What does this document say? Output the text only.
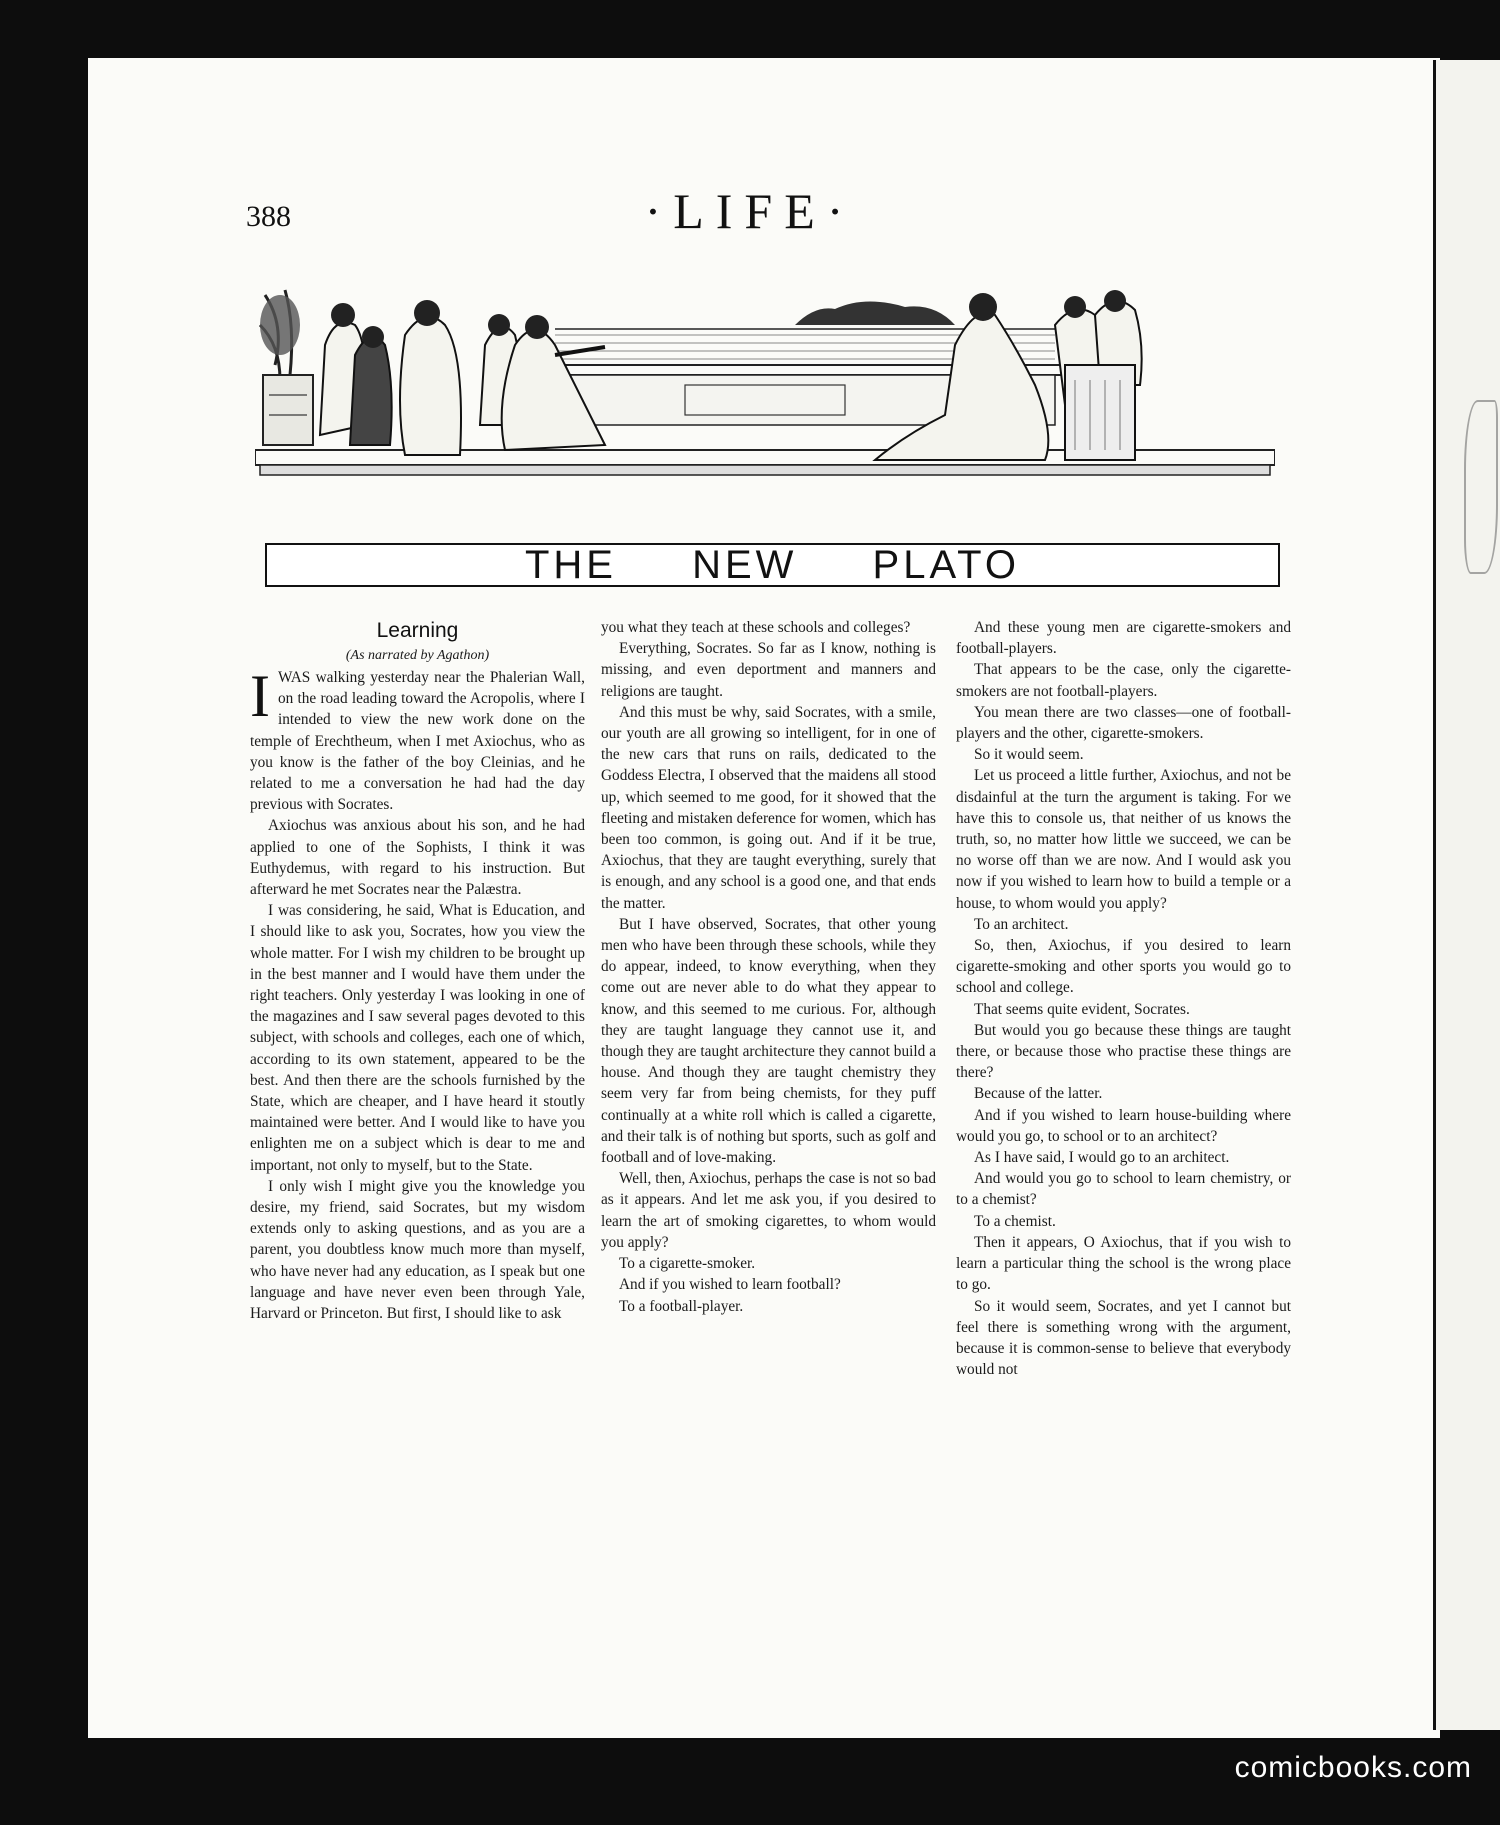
388	·LIFE·
THE NEW PLATO
Learning
(As narrated by Agathon)

IWAS walking yesterday near the Phalerian Wall, on the road leading toward the Acropolis, where I intended to view the new work done on the temple of Erechtheum, when I met Axiochus, who as you know is the father of the boy Cleinias, and he related to me a conversation he had had the day previous with Socrates.

Axiochus was anxious about his son, and he had applied to one of the Sophists, I think it was Euthydemus, with regard to his instruction. But afterward he met Socrates near the Palæstra.

I was considering, he said, What is Education, and I should like to ask you, Socrates, how you view the whole matter. For I wish my children to be brought up in the best manner and I would have them under the right teachers. Only yesterday I was looking in one of the magazines and I saw several pages devoted to this subject, with schools and colleges, each one of which, according to its own statement, appeared to be the best. And then there are the schools furnished by the State, which are cheaper, and I have heard it stoutly maintained were better. And I would like to have you enlighten me on a subject which is dear to me and important, not only to myself, but to the State.

I only wish I might give you the knowledge you desire, my friend, said Socrates, but my wisdom extends only to asking questions, and as you are a parent, you doubtless know much more than myself, who have never had any education, as I speak but one language and have never even been through Yale, Harvard or Princeton. But first, I should like to ask

you what they teach at these schools and colleges?

Everything, Socrates. So far as I know, nothing is missing, and even deportment and manners and religions are taught.

And this must be why, said Socrates, with a smile, our youth are all growing so intelligent, for in one of the new cars that runs on rails, dedicated to the Goddess Electra, I observed that the maidens all stood up, which seemed to me good, for it showed that the fleeting and mistaken deference for women, which has been too common, is going out. And if it be true, Axiochus, that they are taught everything, surely that is enough, and any school is a good one, and that ends the matter.

But I have observed, Socrates, that other young men who have been through these schools, while they do appear, indeed, to know everything, when they come out are never able to do what they appear to know, and this seemed to me curious. For, although they are taught language they cannot use it, and though they are taught architecture they cannot build a house. And though they are taught chemistry they seem very far from being chemists, for they puff continually at a white roll which is called a cigarette, and their talk is of nothing but sports, such as golf and football and of love-making.

Well, then, Axiochus, perhaps the case is not so bad as it appears. And let me ask you, if you desired to learn the art of smoking cigarettes, to whom would you apply?

To a cigarette-smoker.

And if you wished to learn football?

To a football-player.

And these young men are cigarette-smokers and football-players.

That appears to be the case, only the cigarette-smokers are not football-players.

You mean there are two classes—one of football-players and the other, cigarette-smokers.

So it would seem.

Let us proceed a little further, Axiochus, and not be disdainful at the turn the argument is taking. For we have this to console us, that neither of us knows the truth, so, no matter how little we succeed, we can be no worse off than we are now. And I would ask you now if you wished to learn how to build a temple or a house, to whom would you apply?

To an architect.

So, then, Axiochus, if you desired to learn cigarette-smoking and other sports you would go to school and college.

That seems quite evident, Socrates.

But would you go because these things are taught there, or because those who practise these things are there?

Because of the latter.

And if you wished to learn house-building where would you go, to school or to an architect?

As I have said, I would go to an architect.

And would you go to school to learn chemistry, or to a chemist?

To a chemist.

Then it appears, O Axiochus, that if you wish to learn a particular thing the school is the wrong place to go.

So it would seem, Socrates, and yet I cannot but feel there is something wrong with the argument, because it is common-sense to believe that everybody would not

comicbooks.com
